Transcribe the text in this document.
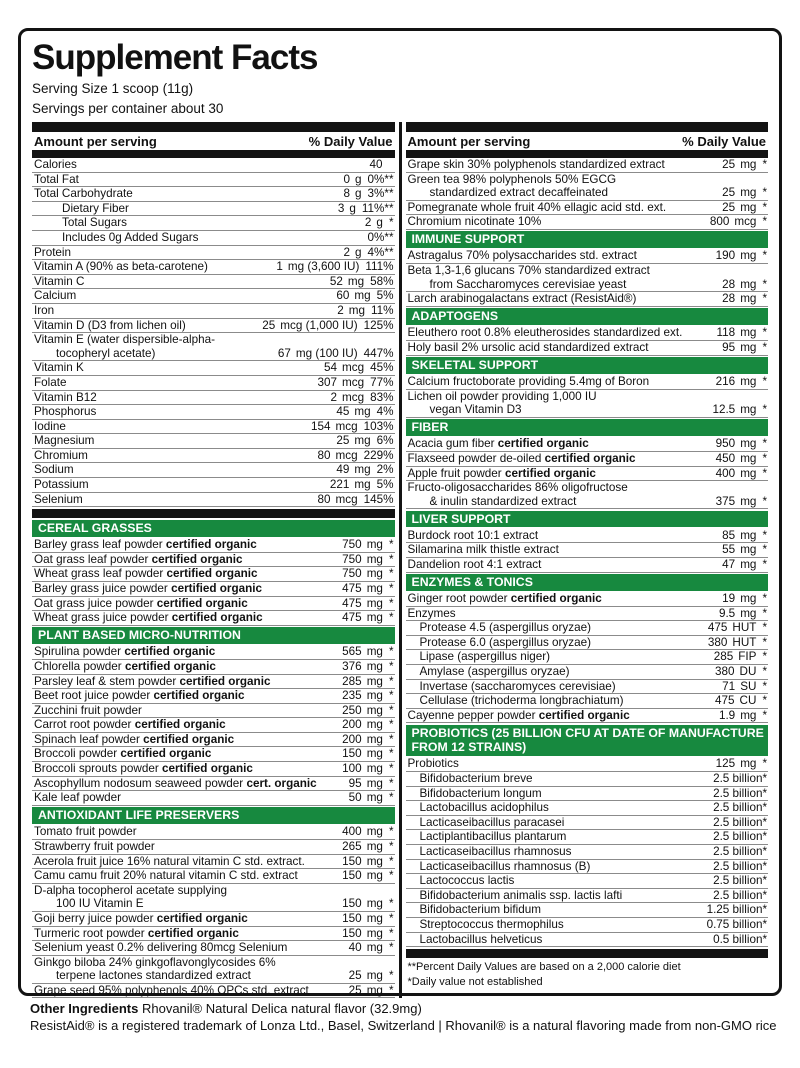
Supplement Facts
Serving Size 1 scoop (11g)
Servings per container about 30
Amount per serving	% Daily Value
Calories	40
Total Fat	0 g 0%**
Total Carbohydrate	8 g 3%**
Dietary Fiber	3 g 11%**
Total Sugars	2 g *
Includes 0g Added Sugars	0%**
Protein	2 g 4%**
Vitamin A (90% as beta-carotene)	1 mg (3,600 IU) 111%
Vitamin C	52 mg 58%
Calcium	60 mg 5%
Iron	2 mg 11%
Vitamin D (D3 from lichen oil)	25 mcg (1,000 IU) 125%
Vitamin E (water dispersible-alpha-
tocopheryl acetate)	67 mg (100 IU) 447%
Vitamin K	54 mcg 45%
Folate	307 mcg 77%
Vitamin B12	2 mcg 83%
Phosphorus	45 mg 4%
Iodine	154 mcg 103%
Magnesium	25 mg 6%
Chromium	80 mcg 229%
Sodium	49 mg 2%
Potassium	221 mg 5%
Selenium	80 mcg 145%
CEREAL GRASSES
Barley grass leaf powder certified organic	750 mg *
Oat grass leaf powder certified organic	750 mg *
Wheat grass leaf powder certified organic	750 mg *
Barley grass juice powder certified organic	475 mg *
Oat grass juice powder certified organic	475 mg *
Wheat grass juice powder certified organic	475 mg *
PLANT BASED MICRO-NUTRITION
Spirulina powder certified organic	565 mg *
Chlorella powder certified organic	376 mg *
Parsley leaf & stem powder certified organic	285 mg *
Beet root juice powder certified organic	235 mg *
Zucchini fruit powder	250 mg *
Carrot root powder certified organic	200 mg *
Spinach leaf powder certified organic	200 mg *
Broccoli powder certified organic	150 mg *
Broccoli sprouts powder certified organic	100 mg *
Ascophyllum nodosum seaweed powder cert. organic	95 mg *
Kale leaf powder	50 mg *
ANTIOXIDANT LIFE PRESERVERS
Tomato fruit powder	400 mg *
Strawberry fruit powder	265 mg *
Acerola fruit juice 16% natural vitamin C std. extract.	150 mg *
Camu camu fruit 20% natural vitamin C std. extract	150 mg *
D-alpha tocopherol acetate supplying
100 IU Vitamin E	150 mg *
Goji berry juice powder certified organic	150 mg *
Turmeric root powder certified organic	150 mg *
Selenium yeast 0.2% delivering 80mcg Selenium	40 mg *
Ginkgo biloba 24% ginkgoflavonglycosides 6%
terpene lactones standardized extract	25 mg *
Grape seed 95% polyphenols 40% OPCs std. extract	25 mg *
Amount per serving	% Daily Value
Grape skin 30% polyphenols standardized extract	25 mg *
Green tea 98% polyphenols 50% EGCG
standardized extract decaffeinated	25 mg *
Pomegranate whole fruit 40% ellagic acid std. ext.	25 mg *
Chromium nicotinate 10%	800 mcg *
IMMUNE SUPPORT
Astragalus 70% polysaccharides std. extract	190 mg *
Beta 1,3-1,6 glucans 70% standardized extract
from Saccharomyces cerevisiae yeast	28 mg *
Larch arabinogalactans extract (ResistAid®)	28 mg *
ADAPTOGENS
Eleuthero root 0.8% eleutherosides standardized ext.	118 mg *
Holy basil 2% ursolic acid standardized extract	95 mg *
SKELETAL SUPPORT
Calcium fructoborate providing 5.4mg of Boron	216 mg *
Lichen oil powder providing 1,000 IU
vegan Vitamin D3	12.5 mg *
FIBER
Acacia gum fiber certified organic	950 mg *
Flaxseed powder de-oiled certified organic	450 mg *
Apple fruit powder certified organic	400 mg *
Fructo-oligosaccharides 86% oligofructose
& inulin standardized extract	375 mg *
LIVER SUPPORT
Burdock root 10:1 extract	85 mg *
Silamarina milk thistle extract	55 mg *
Dandelion root 4:1 extract	47 mg *
ENZYMES & TONICS
Ginger root powder certified organic	19 mg *
Enzymes	9.5 mg *
Protease 4.5 (aspergillus oryzae)	475 HUT *
Protease 6.0 (aspergillus oryzae)	380 HUT *
Lipase (aspergillus niger)	285 FIP *
Amylase (aspergillus oryzae)	380 DU *
Invertase (saccharomyces cerevisiae)	71 SU *
Cellulase (trichoderma longbrachiatum)	475 CU *
Cayenne pepper powder certified organic	1.9 mg *
PROBIOTICS (25 BILLION CFU AT DATE OF MANUFACTURE FROM 12 STRAINS)
Probiotics	125 mg *
Bifidobacterium breve	2.5 billion*
Bifidobacterium longum	2.5 billion*
Lactobacillus acidophilus	2.5 billion*
Lacticaseibacillus paracasei	2.5 billion*
Lactiplantibacillus plantarum	2.5 billion*
Lacticaseibacillus rhamnosus	2.5 billion*
Lacticaseibacillus rhamnosus (B)	2.5 billion*
Lactococcus lactis	2.5 billion*
Bifidobacterium animalis ssp. lactis lafti	2.5 billion*
Bifidobacterium bifidum	1.25 billion*
Streptococcus thermophilus	0.75 billion*
Lactobacillus helveticus	0.5 billion*
**Percent Daily Values are based on a 2,000 calorie diet
*Daily value not established
Other Ingredients Rhovanil® Natural Delica natural flavor (32.9mg)
ResistAid® is a registered trademark of Lonza Ltd., Basel, Switzerland | Rhovanil® is a natural flavoring made from non-GMO rice
